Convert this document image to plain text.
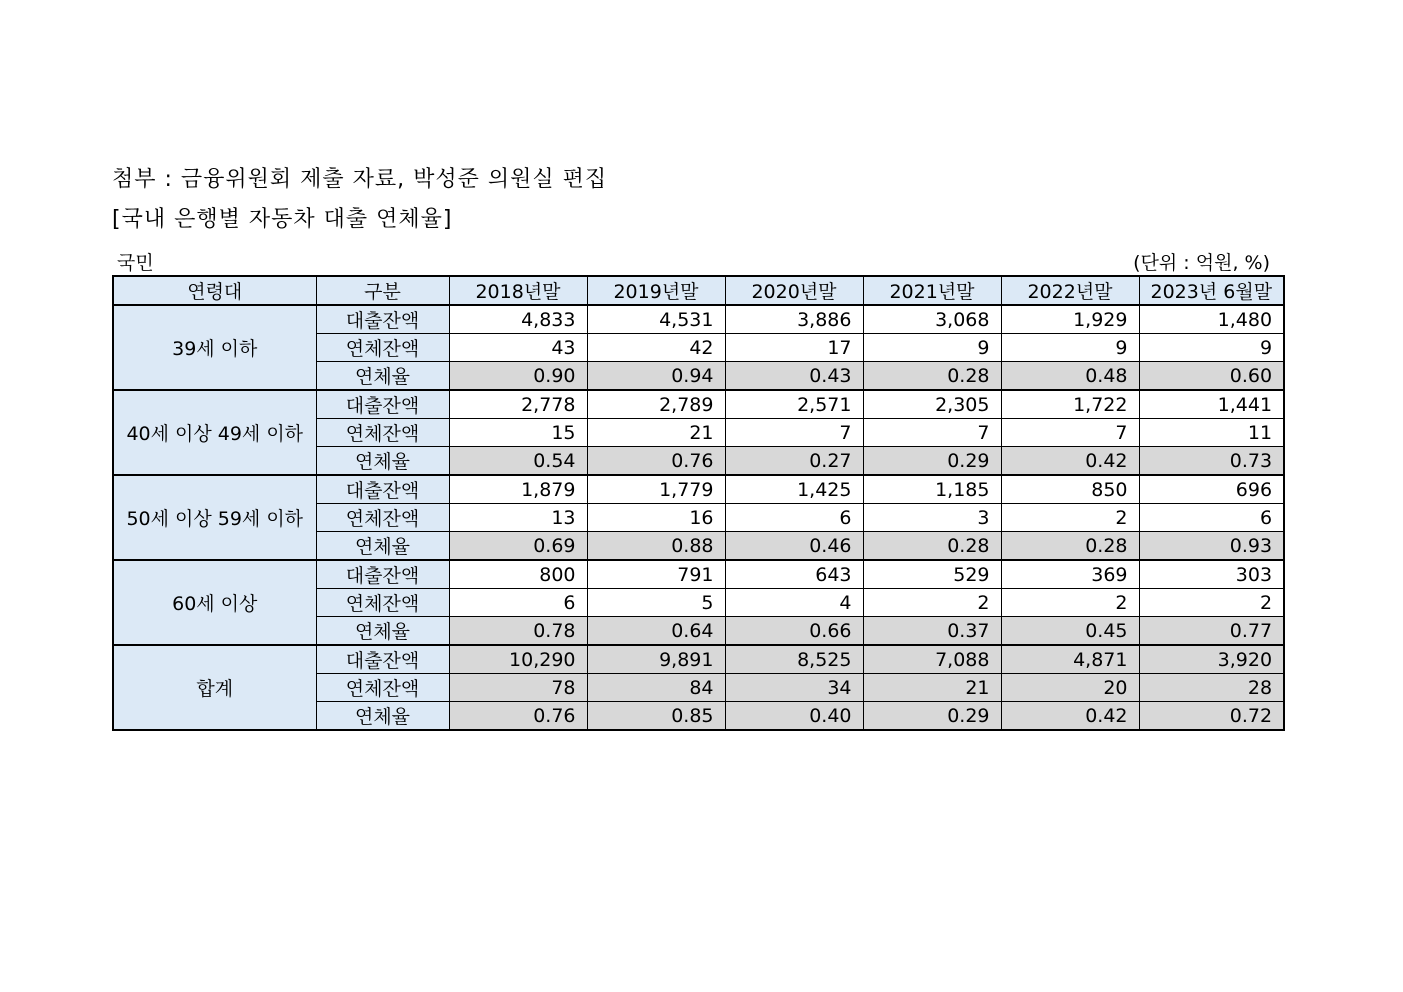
첨부 : 금융위원회 제출 자료, 박성준 의원실 편집
[국내 은행별 자동차 대출 연체율]
국민	(단위 : 억원, %)
연령대	구분	2018년말	2019년말	2020년말	2021년말	2022년말	2023년 6월말
39세 이하	대출잔액	4,833	4,531	3,886	3,068	1,929	1,480
	연체잔액	43	42	17	9	9	9
	연체율	0.90	0.94	0.43	0.28	0.48	0.60
40세 이상 49세 이하	대출잔액	2,778	2,789	2,571	2,305	1,722	1,441
	연체잔액	15	21	7	7	7	11
	연체율	0.54	0.76	0.27	0.29	0.42	0.73
50세 이상 59세 이하	대출잔액	1,879	1,779	1,425	1,185	850	696
	연체잔액	13	16	6	3	2	6
	연체율	0.69	0.88	0.46	0.28	0.28	0.93
60세 이상	대출잔액	800	791	643	529	369	303
	연체잔액	6	5	4	2	2	2
	연체율	0.78	0.64	0.66	0.37	0.45	0.77
합계	대출잔액	10,290	9,891	8,525	7,088	4,871	3,920
	연체잔액	78	84	34	21	20	28
	연체율	0.76	0.85	0.40	0.29	0.42	0.72
